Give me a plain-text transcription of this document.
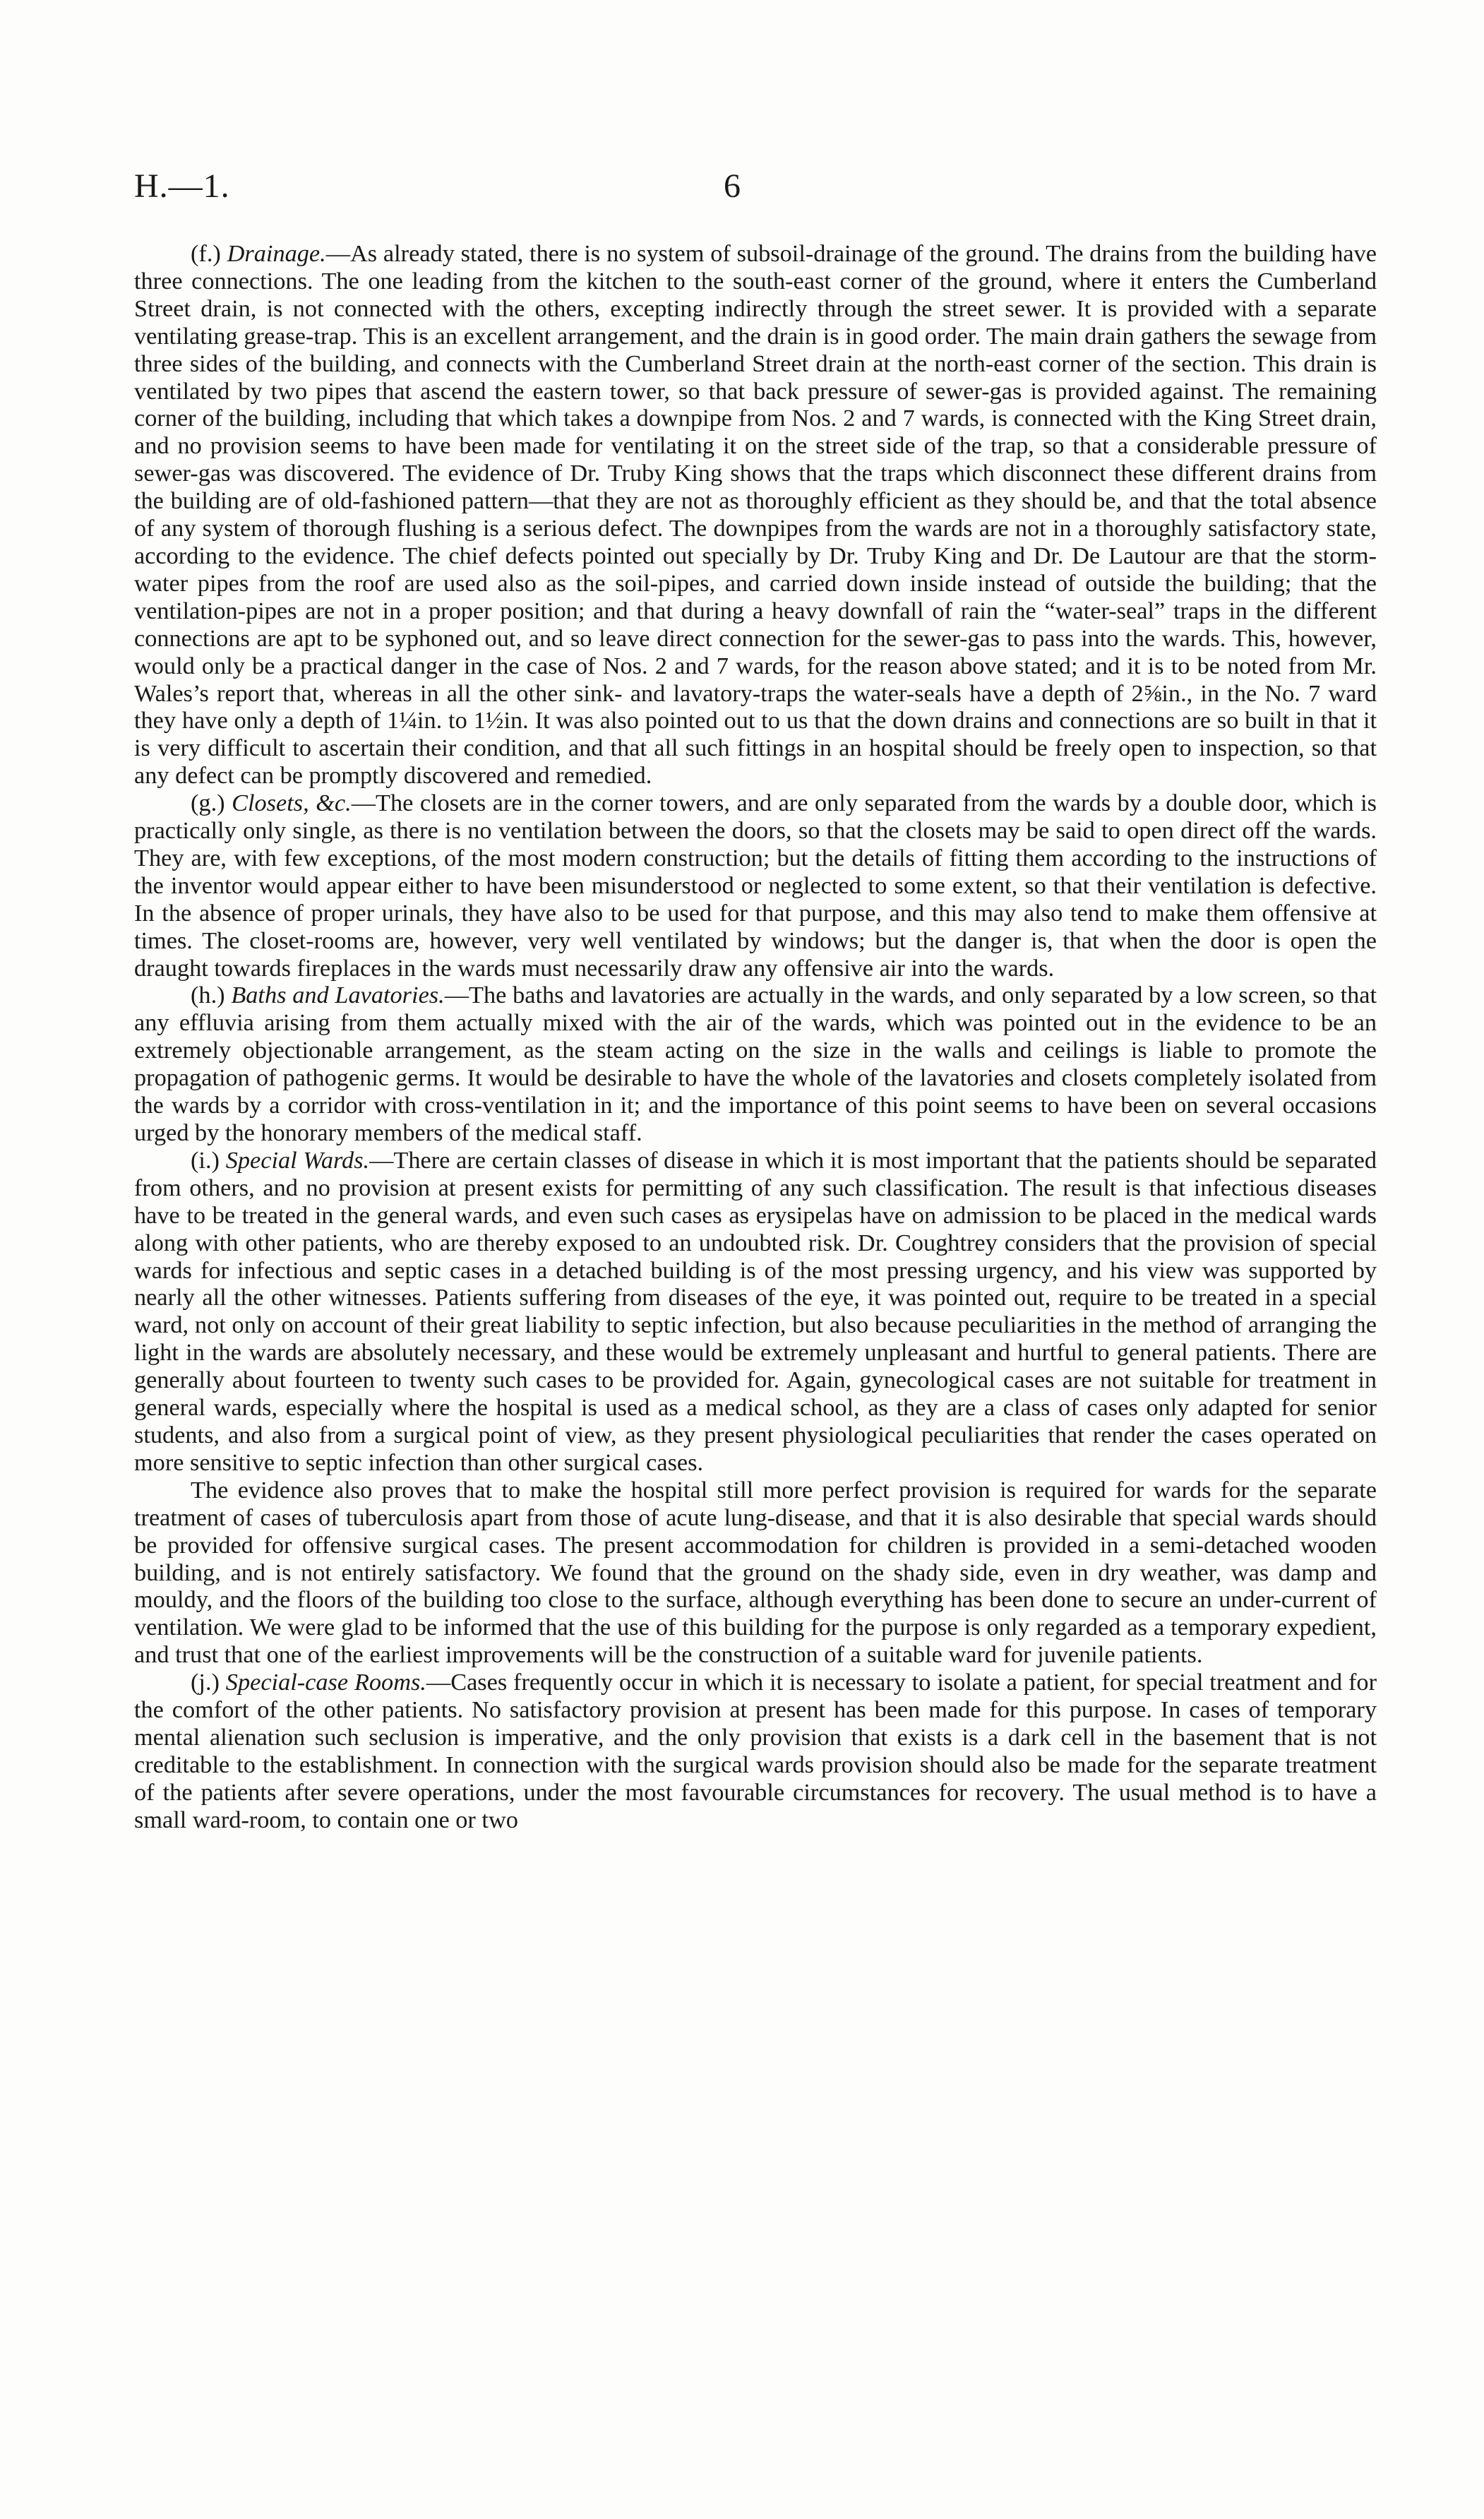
H.—1.	6

(f.) Drainage.—As already stated, there is no system of subsoil-drainage of the ground. The drains from the building have three connections. The one leading from the kitchen to the south-east corner of the ground, where it enters the Cumberland Street drain, is not connected with the others, excepting indirectly through the street sewer. It is provided with a separate ventilating grease-trap. This is an excellent arrangement, and the drain is in good order. The main drain gathers the sewage from three sides of the building, and connects with the Cumberland Street drain at the north-east corner of the section. This drain is ventilated by two pipes that ascend the eastern tower, so that back pressure of sewer-gas is provided against. The remaining corner of the building, including that which takes a downpipe from Nos. 2 and 7 wards, is connected with the King Street drain, and no provision seems to have been made for ventilating it on the street side of the trap, so that a considerable pressure of sewer-gas was discovered. The evidence of Dr. Truby King shows that the traps which disconnect these different drains from the building are of old-fashioned pattern—that they are not as thoroughly efficient as they should be, and that the total absence of any system of thorough flushing is a serious defect. The downpipes from the wards are not in a thoroughly satisfactory state, according to the evidence. The chief defects pointed out specially by Dr. Truby King and Dr. De Lautour are that the storm-water pipes from the roof are used also as the soil-pipes, and carried down inside instead of outside the building; that the ventilation-pipes are not in a proper position; and that during a heavy downfall of rain the “water-seal” traps in the different connections are apt to be syphoned out, and so leave direct connection for the sewer-gas to pass into the wards. This, however, would only be a practical danger in the case of Nos. 2 and 7 wards, for the reason above stated; and it is to be noted from Mr. Wales’s report that, whereas in all the other sink- and lavatory-traps the water-seals have a depth of 2⅝in., in the No. 7 ward they have only a depth of 1¼in. to 1½in. It was also pointed out to us that the down drains and connections are so built in that it is very difficult to ascertain their condition, and that all such fittings in an hospital should be freely open to inspection, so that any defect can be promptly discovered and remedied.

(g.) Closets, &c.—The closets are in the corner towers, and are only separated from the wards by a double door, which is practically only single, as there is no ventilation between the doors, so that the closets may be said to open direct off the wards. They are, with few exceptions, of the most modern construction; but the details of fitting them according to the instructions of the inventor would appear either to have been misunderstood or neglected to some extent, so that their ventilation is defective. In the absence of proper urinals, they have also to be used for that purpose, and this may also tend to make them offensive at times. The closet-rooms are, however, very well ventilated by windows; but the danger is, that when the door is open the draught towards fireplaces in the wards must necessarily draw any offensive air into the wards.

(h.) Baths and Lavatories.—The baths and lavatories are actually in the wards, and only separated by a low screen, so that any effluvia arising from them actually mixed with the air of the wards, which was pointed out in the evidence to be an extremely objectionable arrangement, as the steam acting on the size in the walls and ceilings is liable to promote the propagation of pathogenic germs. It would be desirable to have the whole of the lavatories and closets completely isolated from the wards by a corridor with cross-ventilation in it; and the importance of this point seems to have been on several occasions urged by the honorary members of the medical staff.

(i.) Special Wards.—There are certain classes of disease in which it is most important that the patients should be separated from others, and no provision at present exists for permitting of any such classification. The result is that infectious diseases have to be treated in the general wards, and even such cases as erysipelas have on admission to be placed in the medical wards along with other patients, who are thereby exposed to an undoubted risk. Dr. Coughtrey considers that the provision of special wards for infectious and septic cases in a detached building is of the most pressing urgency, and his view was supported by nearly all the other witnesses. Patients suffering from diseases of the eye, it was pointed out, require to be treated in a special ward, not only on account of their great liability to septic infection, but also because peculiarities in the method of arranging the light in the wards are absolutely necessary, and these would be extremely unpleasant and hurtful to general patients. There are generally about fourteen to twenty such cases to be provided for. Again, gynecological cases are not suitable for treatment in general wards, especially where the hospital is used as a medical school, as they are a class of cases only adapted for senior students, and also from a surgical point of view, as they present physiological peculiarities that render the cases operated on more sensitive to septic infection than other surgical cases.

The evidence also proves that to make the hospital still more perfect provision is required for wards for the separate treatment of cases of tuberculosis apart from those of acute lung-disease, and that it is also desirable that special wards should be provided for offensive surgical cases. The present accommodation for children is provided in a semi-detached wooden building, and is not entirely satisfactory. We found that the ground on the shady side, even in dry weather, was damp and mouldy, and the floors of the building too close to the surface, although everything has been done to secure an under-current of ventilation. We were glad to be informed that the use of this building for the purpose is only regarded as a temporary expedient, and trust that one of the earliest improvements will be the construction of a suitable ward for juvenile patients.

(j.) Special-case Rooms.—Cases frequently occur in which it is necessary to isolate a patient, for special treatment and for the comfort of the other patients. No satisfactory provision at present has been made for this purpose. In cases of temporary mental alienation such seclusion is imperative, and the only provision that exists is a dark cell in the basement that is not creditable to the establishment. In connection with the surgical wards provision should also be made for the separate treatment of the patients after severe operations, under the most favourable circumstances for recovery. The usual method is to have a small ward-room, to contain one or two
